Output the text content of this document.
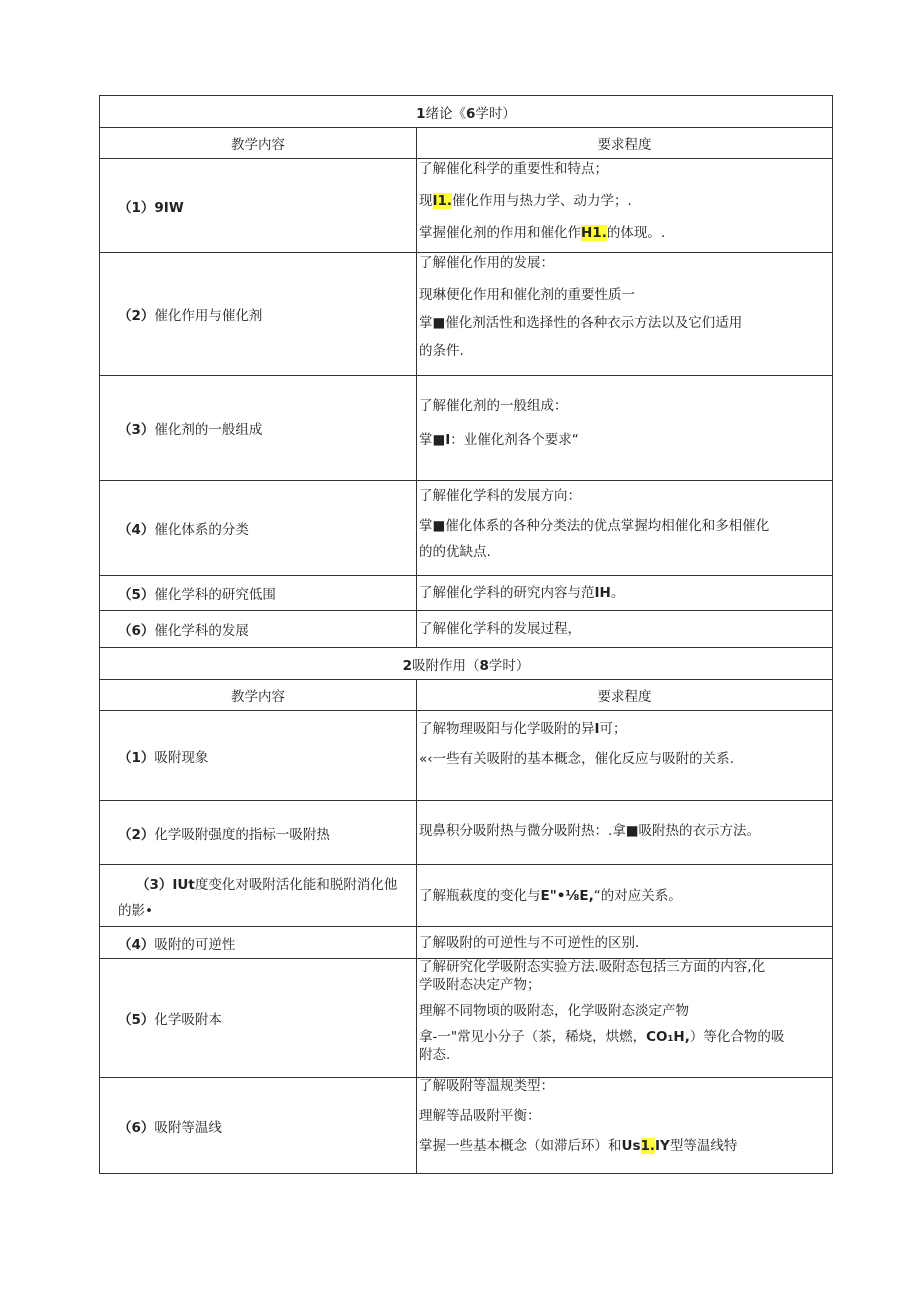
1绪论《6学时）	
教学内容	要求程度

（1）9IW	了解催化科学的重要性和特点；
现I1.催化作用与热力学、动力学；.
掌握催化剂的作用和催化作H1.的体现。.

（2）催化作用与催化剂	了解催化作用的发展：
现琳便化作用和催化剂的重要性质一
掌■催化剂活性和选择性的各种衣示方法以及它们适用
的条件.

（3）催化剂的一般组成	了解催化剂的一般组成：
掌■I：业催化剂各个要求“

（4）催化体系的分类	了解催化学科的发展方向：
掌■催化体系的各种分类法的优点掌握均相催化和多相催化
的的优缺点.

（5）催化学科的研究低围	了解催化学科的研究内容与范IH。

（6）催化学科的发展	了解催化学科的发展过程，

2吸附作用（8学时）	
教学内容	要求程度

（1）吸附现象	了解物理吸阳与化学吸附的异I可；
«‹一些有关吸附的基本概念，催化反应与吸附的关系.

（2）化学吸附强度的指标一吸附热	现鼻积分吸附热与微分吸附热：.拿■吸附热的衣示方法。

（3）IUt度变化对吸附活化能和脱附消化他
的影•	了解瓶萩度的变化与E"•⅛E,“的对应关系。

（4）吸附的可逆性	了解吸附的可逆性与不可逆性的区别.

（5）化学吸附本	了解研究化学吸附态实验方法.吸附态包括三方面的内容,化
学吸附态决定产物；
理解不同物顷的吸附态，化学吸附态淡定产物
拿-一"常见小分子（茶，稀烧，烘燃，CO₁H,）等化合物的吸
附态.

（6）吸附等温线	了解吸附等温规类型：
理解等品吸附平衡：
掌握一些基本概念（如滞后环）和Us1.IY型等温线特
